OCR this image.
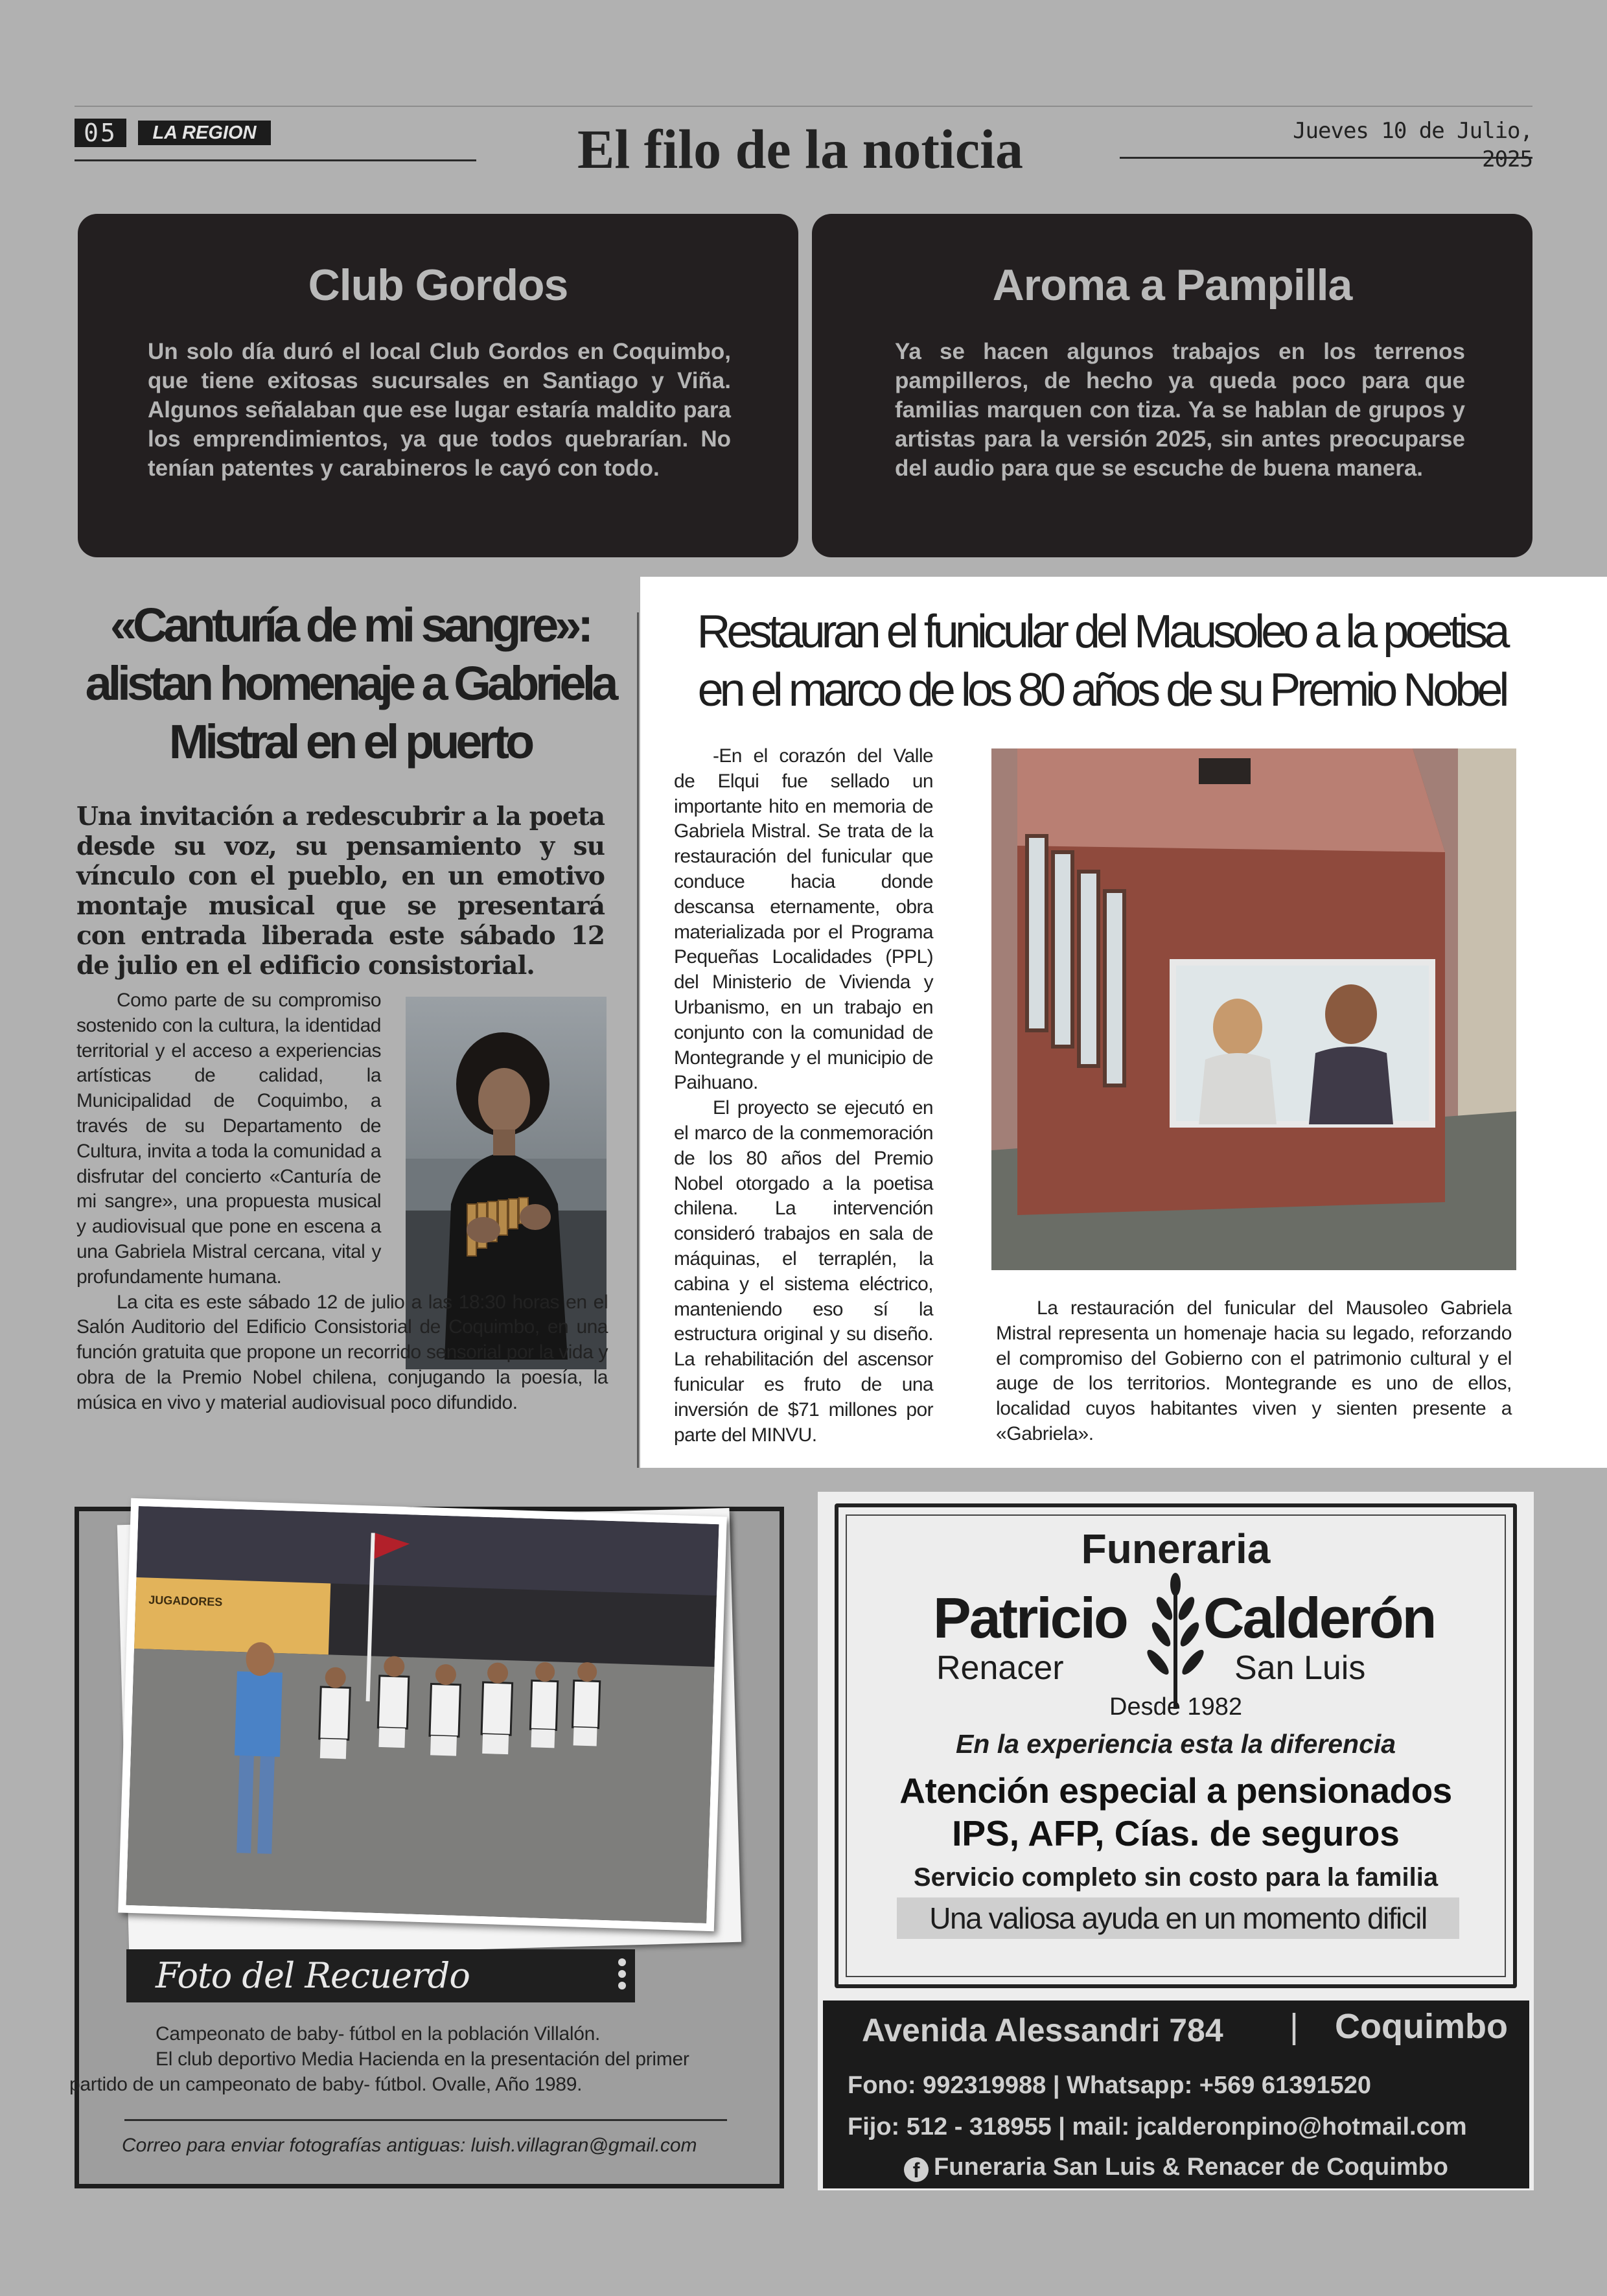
05	LA REGION	El filo de la noticia	Jueves 10 de Julio, 2025
Club Gordos
Un solo día duró el local Club Gordos en Coquimbo, que tiene exitosas sucursales en Santiago y Viña. Algunos señalaban que ese lugar estaría maldito para los emprendimientos, ya que todos quebrarían. No tenían patentes y carabineros le cayó con todo.
Aroma a Pampilla
Ya se hacen algunos trabajos en los terrenos pampilleros, de hecho ya queda poco para que familias marquen con tiza. Ya se hablan de grupos y artistas para la versión 2025, sin antes preocuparse del audio para que se escuche de buena manera.
«Canturía de mi sangre»: alistan homenaje a Gabriela Mistral en el puerto
Una invitación a redescubrir a la poeta desde su voz, su pensamiento y su vínculo con el pueblo, en un emotivo montaje musical que se presentará con entrada liberada este sábado 12 de julio en el edificio consistorial.

Como parte de su compromiso sostenido con la cultura, la identidad territorial y el acceso a experiencias artísticas de calidad, la Municipalidad de Coquimbo, a través de su Departamento de Cultura, invita a toda la comunidad a disfrutar del concierto «Canturía de mi sangre», una propuesta musical y audiovisual que pone en escena a una Gabriela Mistral cercana, vital y profundamente humana.

La cita es este sábado 12 de julio a las 18:30 horas en el Salón Auditorio del Edificio Consistorial de Coquimbo, en una función gratuita que propone un recorrido sensorial por la vida y obra de la Premio Nobel chilena, conjugando la poesía, la música en vivo y material audiovisual poco difundido.

Restauran el funicular del Mausoleo a la poetisa en el marco de los 80 años de su Premio Nobel

-En el corazón del Valle de Elqui fue sellado un importante hito en memoria de Gabriela Mistral. Se trata de la restauración del funicular que conduce hacia donde descansa eternamente, obra materializada por el Programa Pequeñas Localidades (PPL) del Ministerio de Vivienda y Urbanismo, en un trabajo en conjunto con la comunidad de Montegrande y el municipio de Paihuano.

El proyecto se ejecutó en el marco de la conmemoración de los 80 años del Premio Nobel otorgado a la poetisa chilena. La intervención consideró trabajos en sala de máquinas, el terraplén, la cabina y el sistema eléctrico, manteniendo eso sí la estructura original y su diseño. La rehabilitación del ascensor funicular es fruto de una inversión de $71 millones por parte del MINVU.

La restauración del funicular del Mausoleo Gabriela Mistral representa un homenaje hacia su legado, reforzando el compromiso del Gobierno con el patrimonio cultural y el auge de los territorios. Montegrande es uno de ellos, localidad cuyos habitantes viven y sienten presente a «Gabriela».

JUGADORES
Foto del Recuerdo

Campeonato de baby- fútbol en la población Villalón.

El club deportivo Media Hacienda en la presentación del primer

partido de un campeonato de baby- fútbol. Ovalle, Año 1989.

Correo para enviar fotografías antiguas: luish.villagran@gmail.com
Funeraria
Patricio Calderón
Renacer	San Luis
Desde 1982
En la experiencia esta la diferencia
Atención especial a pensionados
IPS, AFP, Cías. de seguros
Servicio completo sin costo para la familia
Una valiosa ayuda en un momento dificil
Avenida Alessandri 784 | Coquimbo
Fono: 992319988 | Whatsapp: +569 61391520
Fijo: 512 - 318955 | mail: jcalderonpino@hotmail.com
f Funeraria San Luis & Renacer de Coquimbo
